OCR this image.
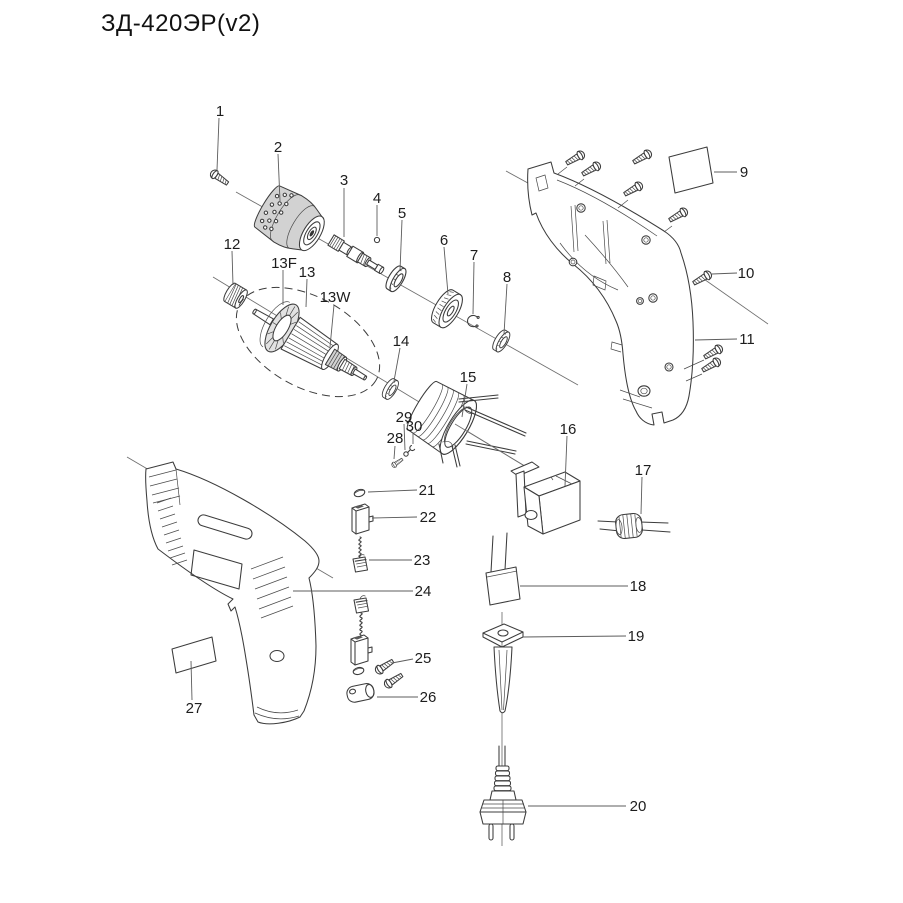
ЗД-420ЭР(v2)
1
2
3
4
5
6
7
8
9
10
11
12
13F
13
13W
14
15
16
17
18
19
20
21
22
23
24
25
26
27
28
29
30
